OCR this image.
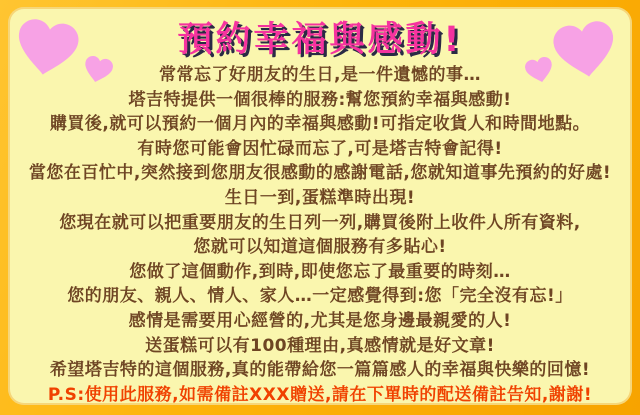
預約幸福與感動!
常常忘了好朋友的生日,是一件遺憾的事…
塔吉特提供一個很棒的服務:幫您預約幸福與感動!
購買後,就可以預約一個月內的幸福與感動!可指定收貨人和時間地點。
有時您可能會因忙碌而忘了,可是塔吉特會記得!
當您在百忙中,突然接到您朋友很感動的感謝電話,您就知道事先預約的好處!
生日一到,蛋糕準時出現!
您現在就可以把重要朋友的生日列一列,購買後附上收件人所有資料,
您就可以知道這個服務有多貼心!
您做了這個動作,到時,即使您忘了最重要的時刻…
您的朋友、親人、情人、家人…一定感覺得到:您「完全沒有忘!」
感情是需要用心經營的,尤其是您身邊最親愛的人!
送蛋糕可以有100種理由,真感情就是好文章!
希望塔吉特的這個服務,真的能帶給您一篇篇感人的幸福與快樂的回憶!
P.S:使用此服務,如需備註XXX贈送,請在下單時的配送備註告知,謝謝!
